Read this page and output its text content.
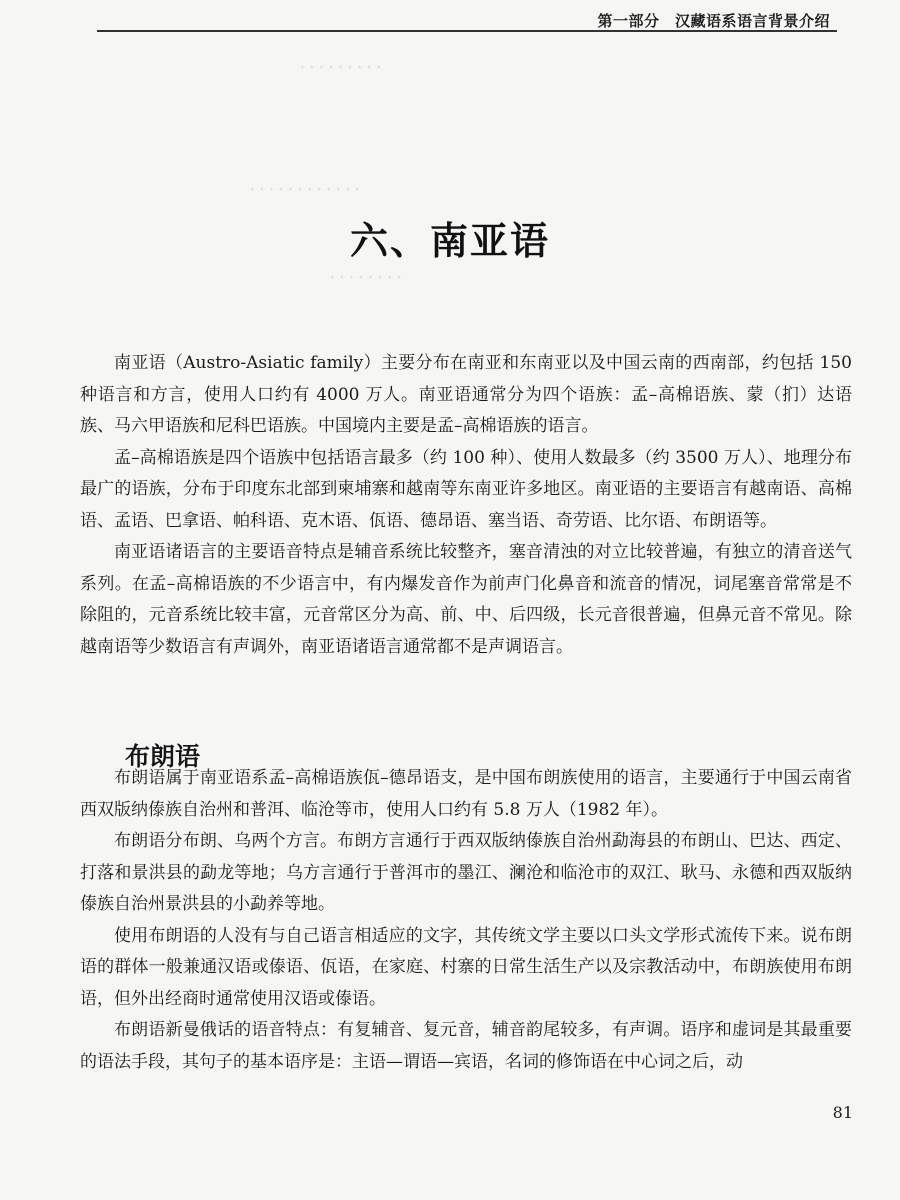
第一部分　汉藏语系语言背景介绍
· · · · · · · · ·
· · · · · · · · · · · ·
· · · · · · · ·
六、南亚语

南亚语（Austro-Asiatic family）主要分布在南亚和东南亚以及中国云南的西南部，约包括 150 种语言和方言，使用人口约有 4000 万人。南亚语通常分为四个语族：孟–高棉语族、蒙（扪）达语族、马六甲语族和尼科巴语族。中国境内主要是孟–高棉语族的语言。

孟–高棉语族是四个语族中包括语言最多（约 100 种）、使用人数最多（约 3500 万人）、地理分布最广的语族，分布于印度东北部到柬埔寨和越南等东南亚许多地区。南亚语的主要语言有越南语、高棉语、孟语、巴拿语、帕科语、克木语、佤语、德昂语、塞当语、奇劳语、比尔语、布朗语等。

南亚语诸语言的主要语音特点是辅音系统比较整齐，塞音清浊的对立比较普遍，有独立的清音送气系列。在孟–高棉语族的不少语言中，有内爆发音作为前声门化鼻音和流音的情况，词尾塞音常常是不除阻的，元音系统比较丰富，元音常区分为高、前、中、后四级，长元音很普遍，但鼻元音不常见。除越南语等少数语言有声调外，南亚语诸语言通常都不是声调语言。

布朗语

布朗语属于南亚语系孟–高棉语族佤–德昂语支，是中国布朗族使用的语言，主要通行于中国云南省西双版纳傣族自治州和普洱、临沧等市，使用人口约有 5.8 万人（1982 年）。

布朗语分布朗、乌两个方言。布朗方言通行于西双版纳傣族自治州勐海县的布朗山、巴达、西定、打落和景洪县的勐龙等地；乌方言通行于普洱市的墨江、澜沧和临沧市的双江、耿马、永德和西双版纳傣族自治州景洪县的小勐养等地。

使用布朗语的人没有与自己语言相适应的文字，其传统文学主要以口头文学形式流传下来。说布朗语的群体一般兼通汉语或傣语、佤语，在家庭、村寨的日常生活生产以及宗教活动中，布朗族使用布朗语，但外出经商时通常使用汉语或傣语。

布朗语新曼俄话的语音特点：有复辅音、复元音，辅音韵尾较多，有声调。语序和虚词是其最重要的语法手段，其句子的基本语序是：主语—谓语—宾语，名词的修饰语在中心词之后，动

81
